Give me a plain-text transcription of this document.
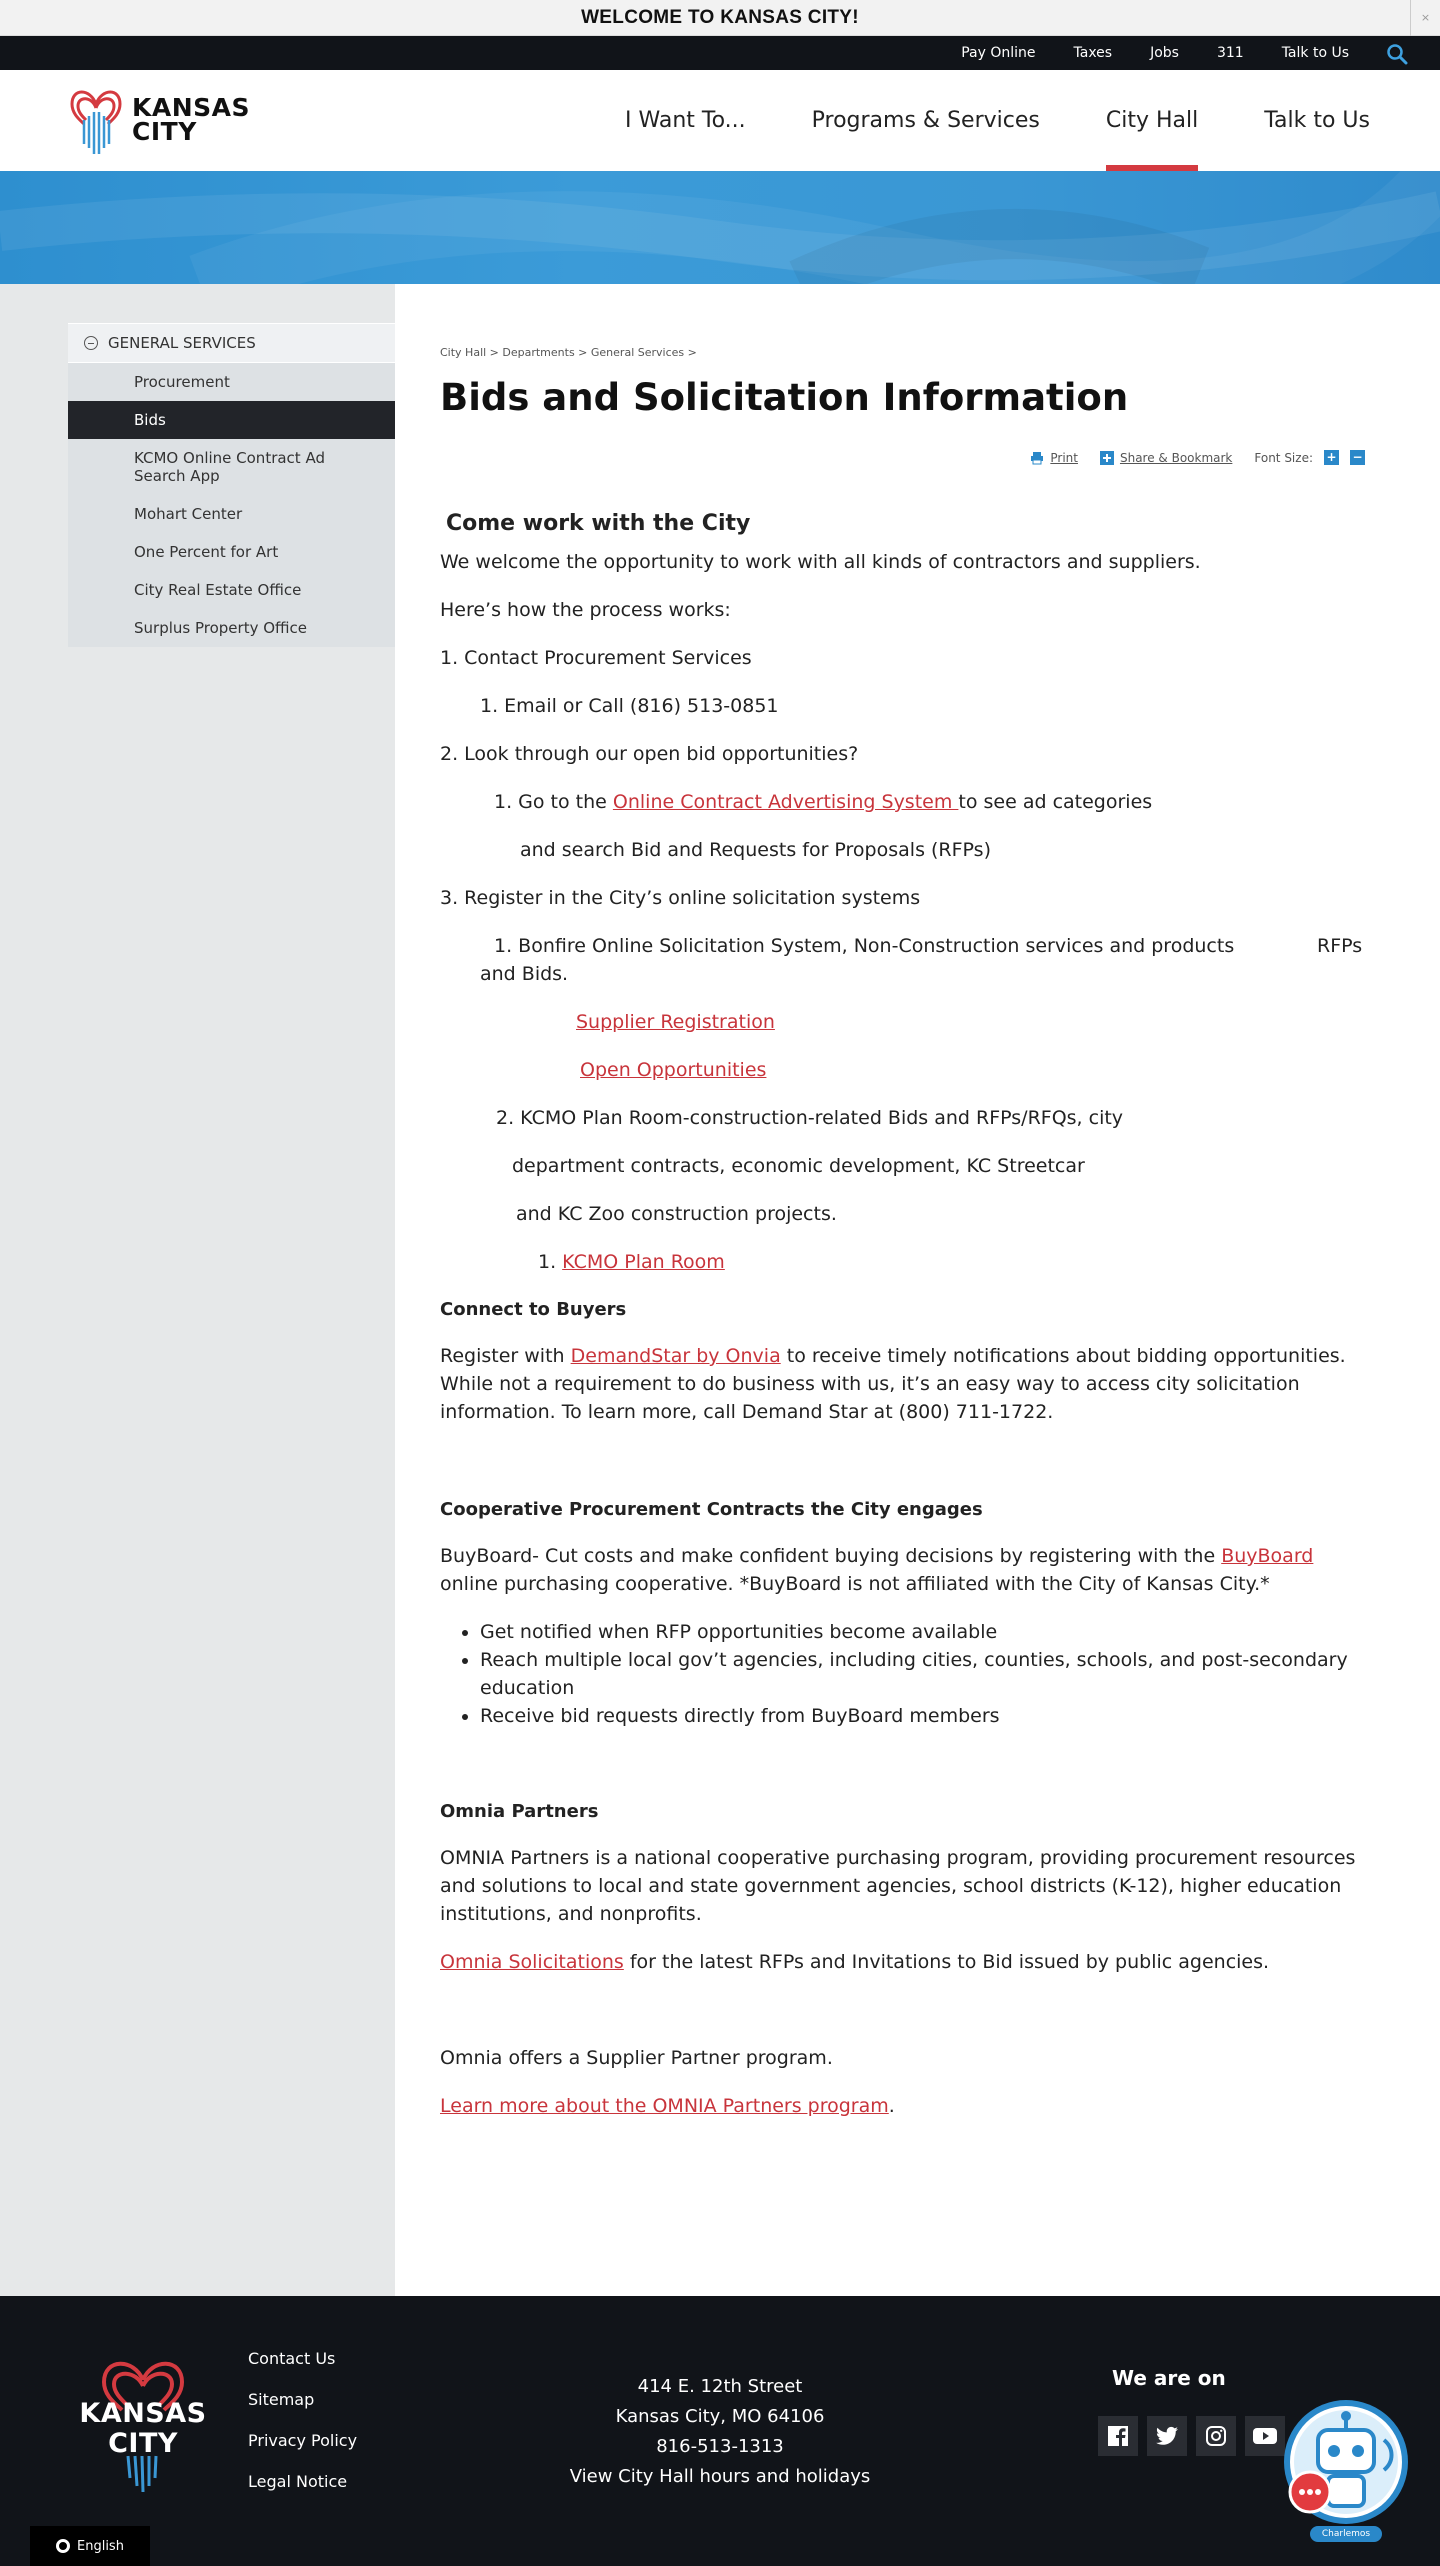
WELCOME TO KANSAS CITY!	×
Pay Online	Taxes	Jobs	311	Talk to Us
KANSAS
CITY	I Want To...	Programs & Services	City Hall	Talk to Us
GENERAL SERVICES
Procurement
Bids
KCMO Online Contract Ad Search App
Mohart Center
One Percent for Art
City Real Estate Office
Surplus Property Office
City Hall > Departments > General Services >
Bids and Solicitation Information
Print	Share & Bookmark Font Size: + −

Come work with the City

We welcome the opportunity to work with all kinds of contractors and suppliers.

Here’s how the process works:

1. Contact Procurement Services

1. Email or Call (816) 513-0851

2. Look through our open bid opportunities?

1. Go to the Online Contract Advertising System to see ad categories

and search Bid and Requests for Proposals (RFPs)

3. Register in the City’s online solicitation systems

1. Bonfire Online Solicitation System, Non-Construction services and products	RFPs

and Bids.

Supplier Registration
Open Opportunities

2. KCMO Plan Room-construction-related Bids and RFPs/RFQs, city

department contracts, economic development, KC Streetcar

and KC Zoo construction projects.

1. KCMO Plan Room

Connect to Buyers

Register with DemandStar by Onvia to receive timely notifications about bidding opportunities. While not a requirement to do business with us, it’s an easy way to access city solicitation information. To learn more, call Demand Star at (800) 711-1722.

Cooperative Procurement Contracts the City engages

BuyBoard- Cut costs and make confident buying decisions by registering with the BuyBoard online purchasing cooperative. *BuyBoard is not affiliated with the City of Kansas City.*

• Get notified when RFP opportunities become available
• Reach multiple local gov’t agencies, including cities, counties, schools, and post-secondary education
• Receive bid requests directly from BuyBoard members

Omnia Partners

OMNIA Partners is a national cooperative purchasing program, providing procurement resources and solutions to local and state government agencies, school districts (K-12), higher education institutions, and nonprofits.

Omnia Solicitations for the latest RFPs and Invitations to Bid issued by public agencies.

Omnia offers a Supplier Partner program.

Learn more about the OMNIA Partners program.

KANSAS
CITY
Contact Us
Sitemap
Privacy Policy
Legal Notice
414 E. 12th Street
Kansas City, MO 64106
816-513-1313
View City Hall hours and holidays
We are on
English
Charlemos
